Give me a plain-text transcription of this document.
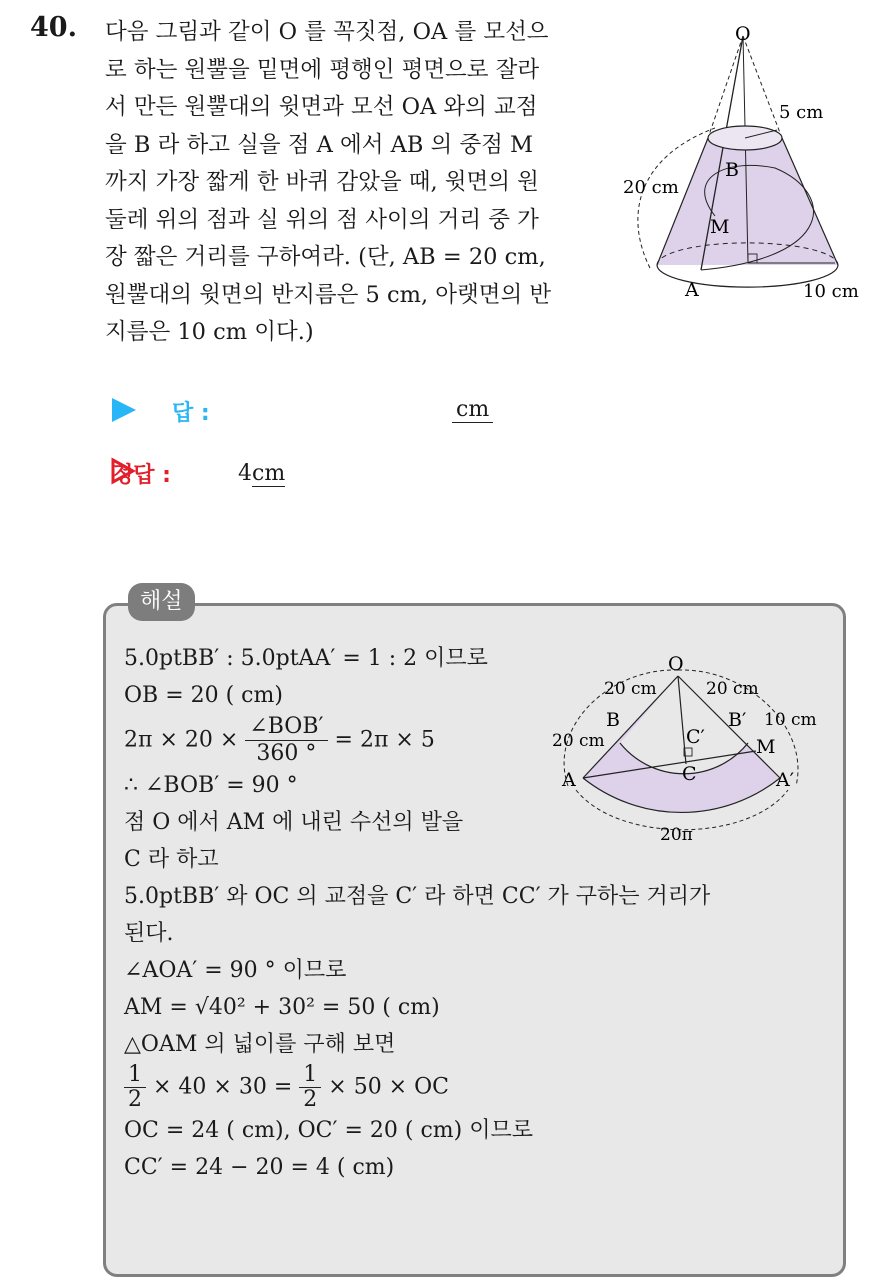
40. 다음 그림과 같이 O 를 꼭짓점, OA 를 모선으
로 하는 원뿔을 밑면에 평행인 평면으로 잘라
서 만든 원뿔대의 윗면과 모선 OA 와의 교점
을 B 라 하고 실을 점 A 에서 AB 의 중점 M
까지 가장 짧게 한 바퀴 감았을 때, 윗면의 원
둘레 위의 점과 실 위의 점 사이의 거리 중 가
장 짧은 거리를 구하여라. (단, AB = 20 cm,
원뿔대의 윗면의 반지름은 5 cm, 아랫면의 반
지름은 10 cm 이다.)
O
B
M
A
5 cm
20 cm
10 cm
답 :	cm
정답 :	4cm
해설
5.0ptBB′ : 5.0ptAA′ = 1 : 2 이므로
OB = 20 ( cm)
$2\pi \times 20 \times \frac{\text{∠BOB′}}{360 ^\circ} = 2\pi \times 5$
∴ ∠BOB′ = 90 °
점 O 에서 AM 에 내린 수선의 발을
C 라 하고
5.0ptBB′ 와 OC 의 교점을 C′ 라 하면 CC′ 가 구하는 거리가
된다.
∠AOA′ = 90 ° 이므로
AM = √40² + 30² = 50 ( cm)
△OAM 의 넓이를 구해 보면
$\frac{1}{2} \times 40 \times 30 = \frac{1}{2} \times 50$ × OC
OC = 24 ( cm), OC′ = 20 ( cm) 이므로
CC′ = 24 − 20 = 4 ( cm)
O
B	B′
A	A′
C′
C
M
20 cm	20 cm
20 cm
10 cm
20π
